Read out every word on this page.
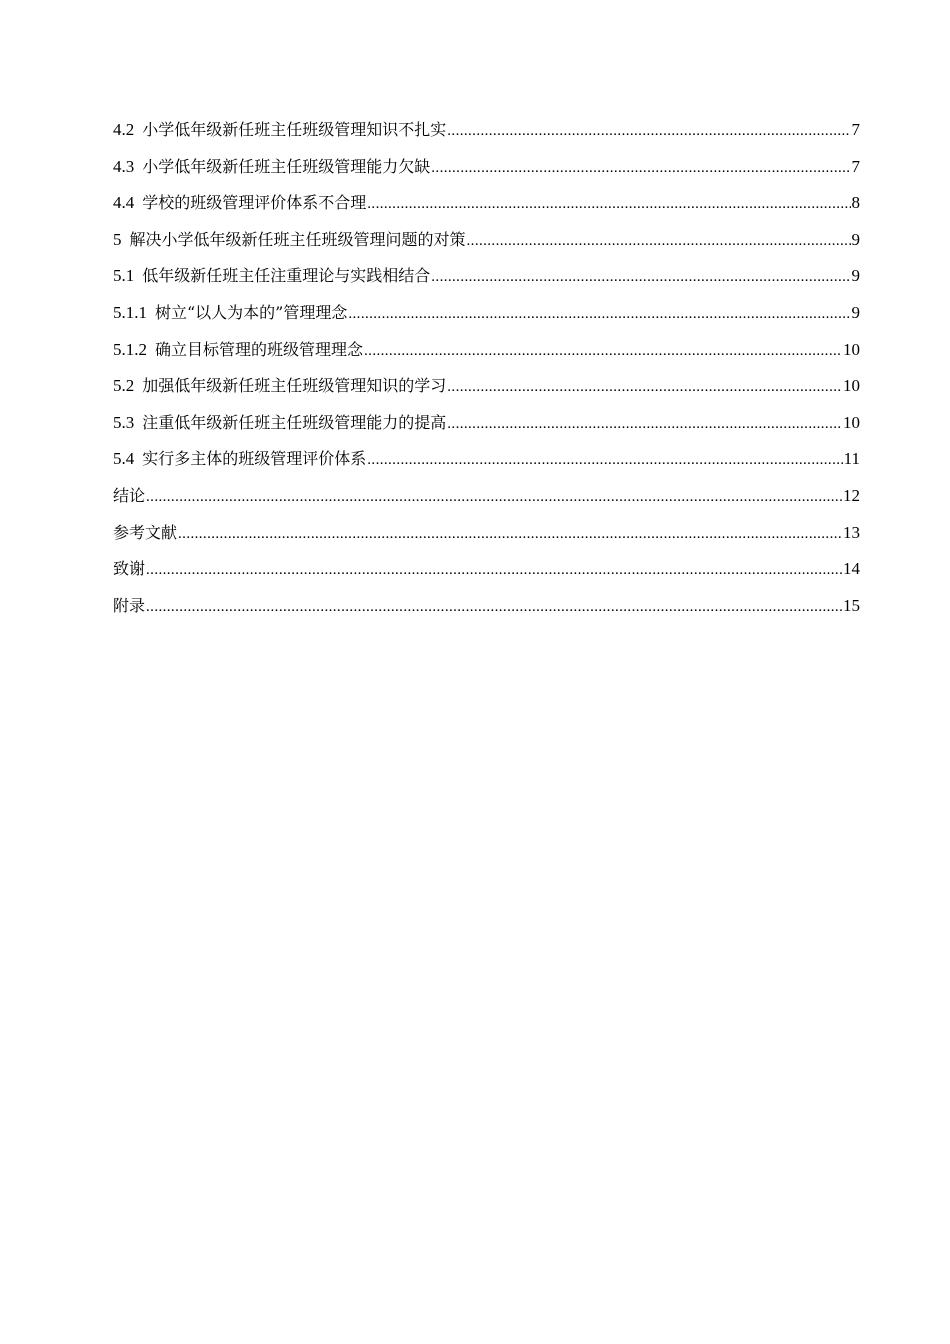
4.2 小学低年级新任班主任班级管理知识不扎实 .....	7
4.3 小学低年级新任班主任班级管理能力欠缺 .....	7
4.4 学校的班级管理评价体系不合理 .....	8
5 解决小学低年级新任班主任班级管理问题的对策 .....	9
5.1 低年级新任班主任注重理论与实践相结合 .....	9
5.1.1 树立“以人为本的”管理理念 .....	9
5.1.2 确立目标管理的班级管理理念 .....	10
5.2 加强低年级新任班主任班级管理知识的学习 .....	10
5.3 注重低年级新任班主任班级管理能力的提高 .....	10
5.4 实行多主体的班级管理评价体系 .....	11
结论 .....	12
参考文献 .....	13
致谢 .....	14
附录 .....	15
